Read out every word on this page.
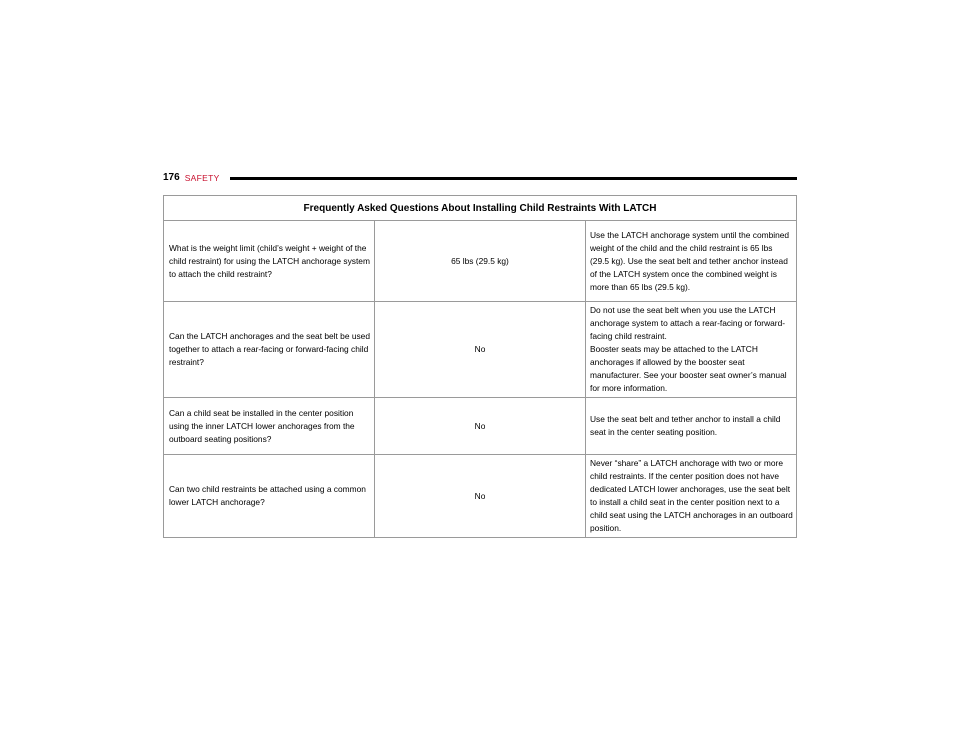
176 SAFETY
Frequently Asked Questions About Installing Child Restraints With LATCH		
What is the weight limit (child’s weight + weight of the child restraint) for using the LATCH anchorage system to attach the child restraint?	65 lbs (29.5 kg)	Use the LATCH anchorage system until the combined weight of the child and the child restraint is 65 lbs (29.5 kg). Use the seat belt and tether anchor instead of the LATCH system once the combined weight is more than 65 lbs (29.5 kg).

Can the LATCH anchorages and the seat belt be used together to attach a rear-facing or forward-facing child restraint?	No	Do not use the seat belt when you use the LATCH anchorage system to attach a rear-facing or forward-facing child restraint.
Booster seats may be attached to the LATCH anchorages if allowed by the booster seat manufacturer. See your booster seat owner’s manual for more information.

Can a child seat be installed in the center position using the inner LATCH lower anchorages from the outboard seating positions?	No	Use the seat belt and tether anchor to install a child seat in the center seating position.

Can two child restraints be attached using a common lower LATCH anchorage?	No	Never “share” a LATCH anchorage with two or more child restraints. If the center position does not have dedicated LATCH lower anchorages, use the seat belt to install a child seat in the center position next to a child seat using the LATCH anchorages in an outboard position.
